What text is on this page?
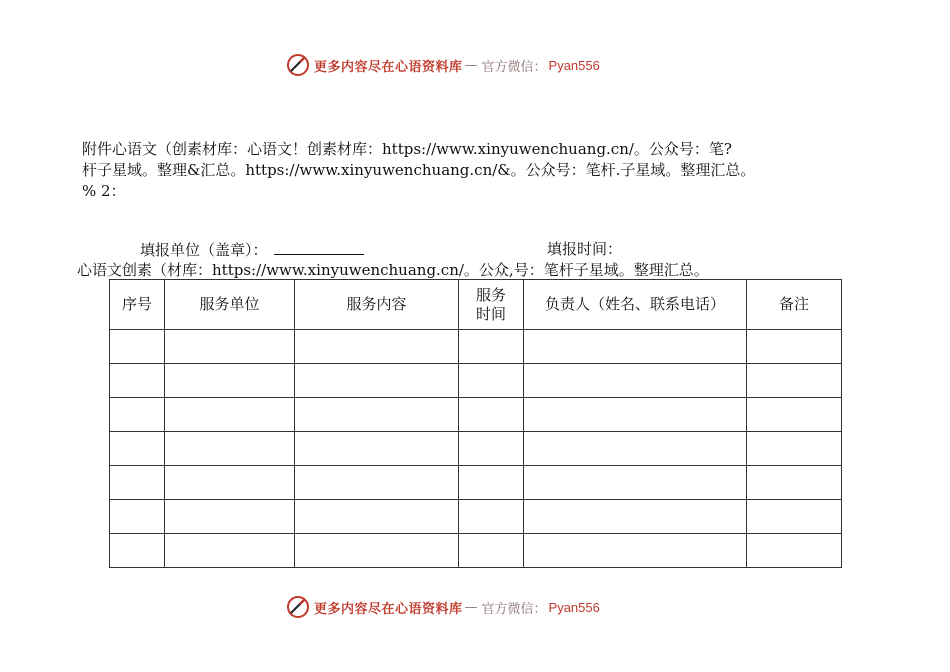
更多内容尽在心语资料库 — 官方微信： Pyan556
附件心语文（创素材库：心语文！创素材库：https://www.xinyuwenchuang.cn/。公众号：笔?
杆子星域。整理&汇总。https://www.xinyuwenchuang.cn/&。公众号：笔杆.子星域。整理汇总。
% 2：
填报单位（盖章）：	填报时间：
心语文创素（材库：https://www.xinyuwenchuang.cn/。公众,号：笔杆子星域。整理汇总。
序号	服务单位	服务内容	服务时间	负责人（姓名、联系电话）	备注

更多内容尽在心语资料库 — 官方微信： Pyan556
